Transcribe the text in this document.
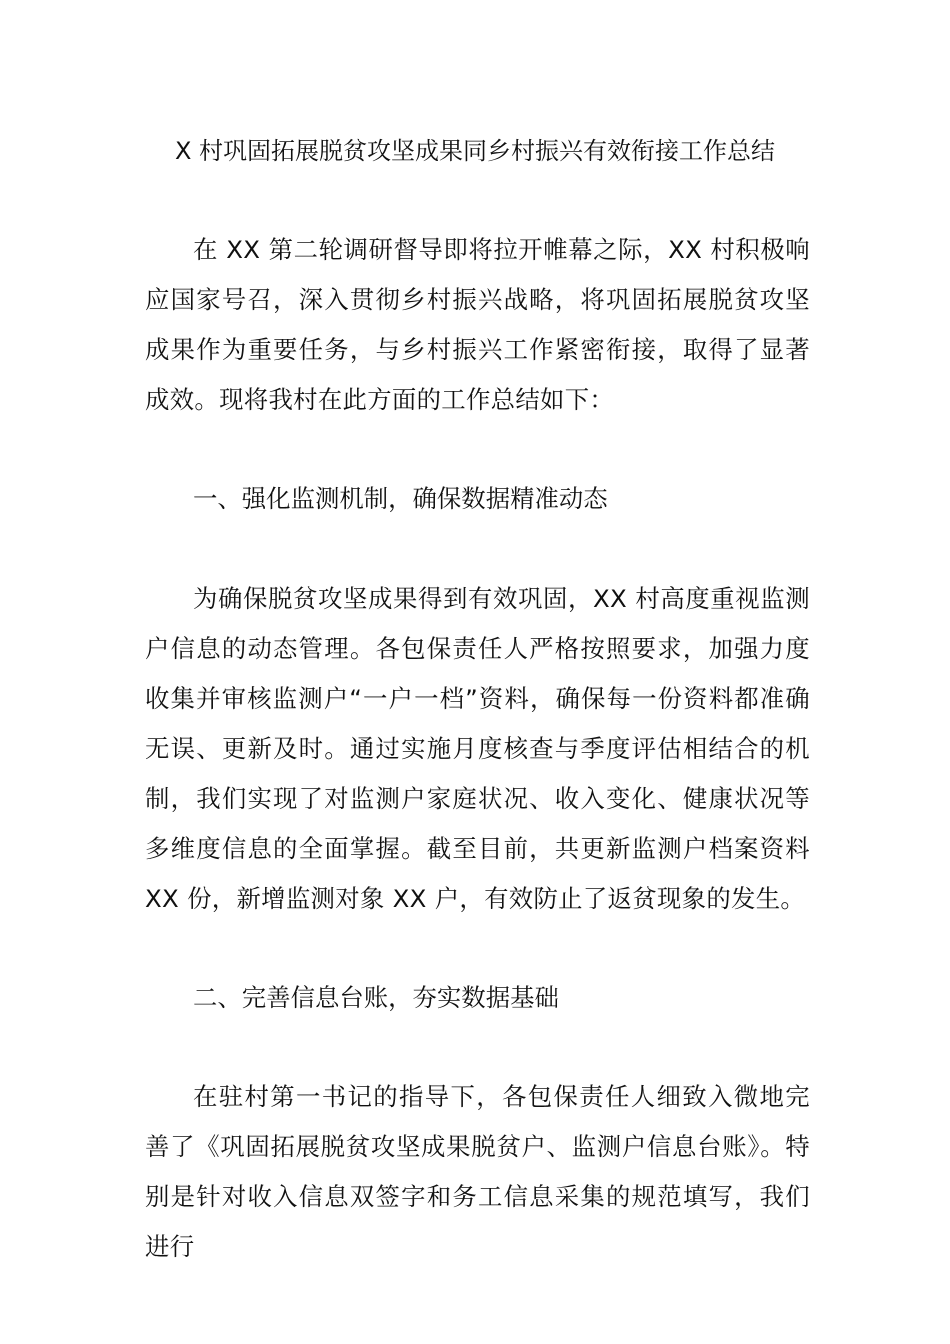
X 村巩固拓展脱贫攻坚成果同乡村振兴有效衔接工作总结

在 XX 第二轮调研督导即将拉开帷幕之际，XX 村积极响应国家号召，深入贯彻乡村振兴战略，将巩固拓展脱贫攻坚成果作为重要任务，与乡村振兴工作紧密衔接，取得了显著成效。现将我村在此方面的工作总结如下：

一、强化监测机制，确保数据精准动态

为确保脱贫攻坚成果得到有效巩固，XX 村高度重视监测户信息的动态管理。各包保责任人严格按照要求，加强力度收集并审核监测户“一户一档”资料，确保每一份资料都准确无误、更新及时。通过实施月度核查与季度评估相结合的机制，我们实现了对监测户家庭状况、收入变化、健康状况等多维度信息的全面掌握。截至目前，共更新监测户档案资料 XX 份，新增监测对象 XX 户，有效防止了返贫现象的发生。

二、完善信息台账，夯实数据基础

在驻村第一书记的指导下，各包保责任人细致入微地完善了《巩固拓展脱贫攻坚成果脱贫户、监测户信息台账》。特别是针对收入信息双签字和务工信息采集的规范填写，我们进行
